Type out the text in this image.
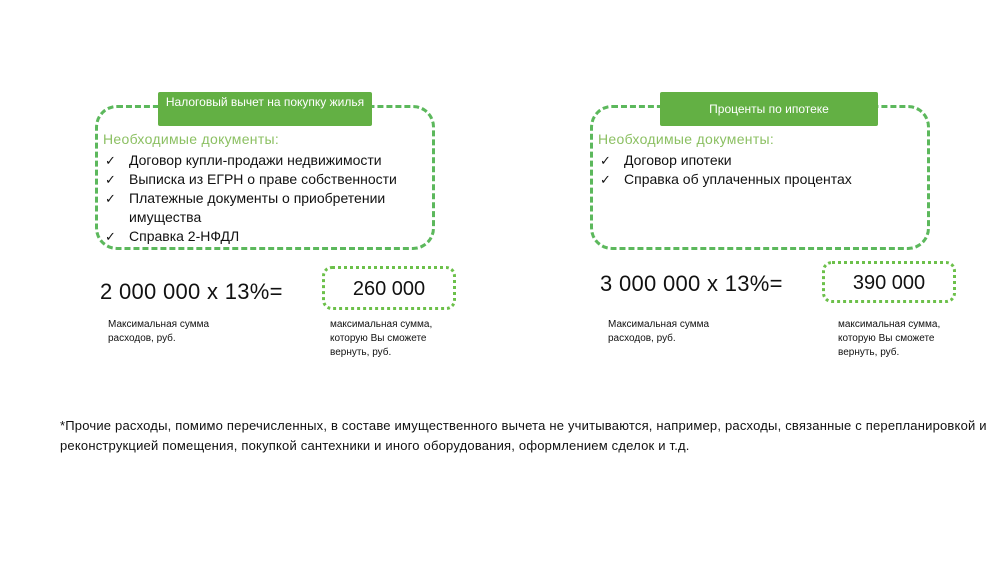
Налоговый вычет на покупку жилья
Необходимые документы:
✓ Договор купли-продажи недвижимости
✓ Выписка из ЕГРН о праве собственности
✓ Платежные документы о приобретении имущества
✓ Справка 2-НФДЛ
2 000 000 x 13%=	260 000
Максимальная сумма расходов, руб.
максимальная сумма, которую Вы сможете вернуть, руб.
Проценты по ипотеке
Необходимые документы:
✓ Договор ипотеки
✓ Справка об уплаченных процентах
3 000 000 x 13%=	390 000
Максимальная сумма расходов, руб.
максимальная сумма, которую Вы сможете вернуть, руб.
*Прочие расходы, помимо перечисленных, в составе имущественного вычета не учитываются, например, расходы, связанные с перепланировкой и реконструкцией помещения, покупкой сантехники и иного оборудования, оформлением сделок и т.д.
